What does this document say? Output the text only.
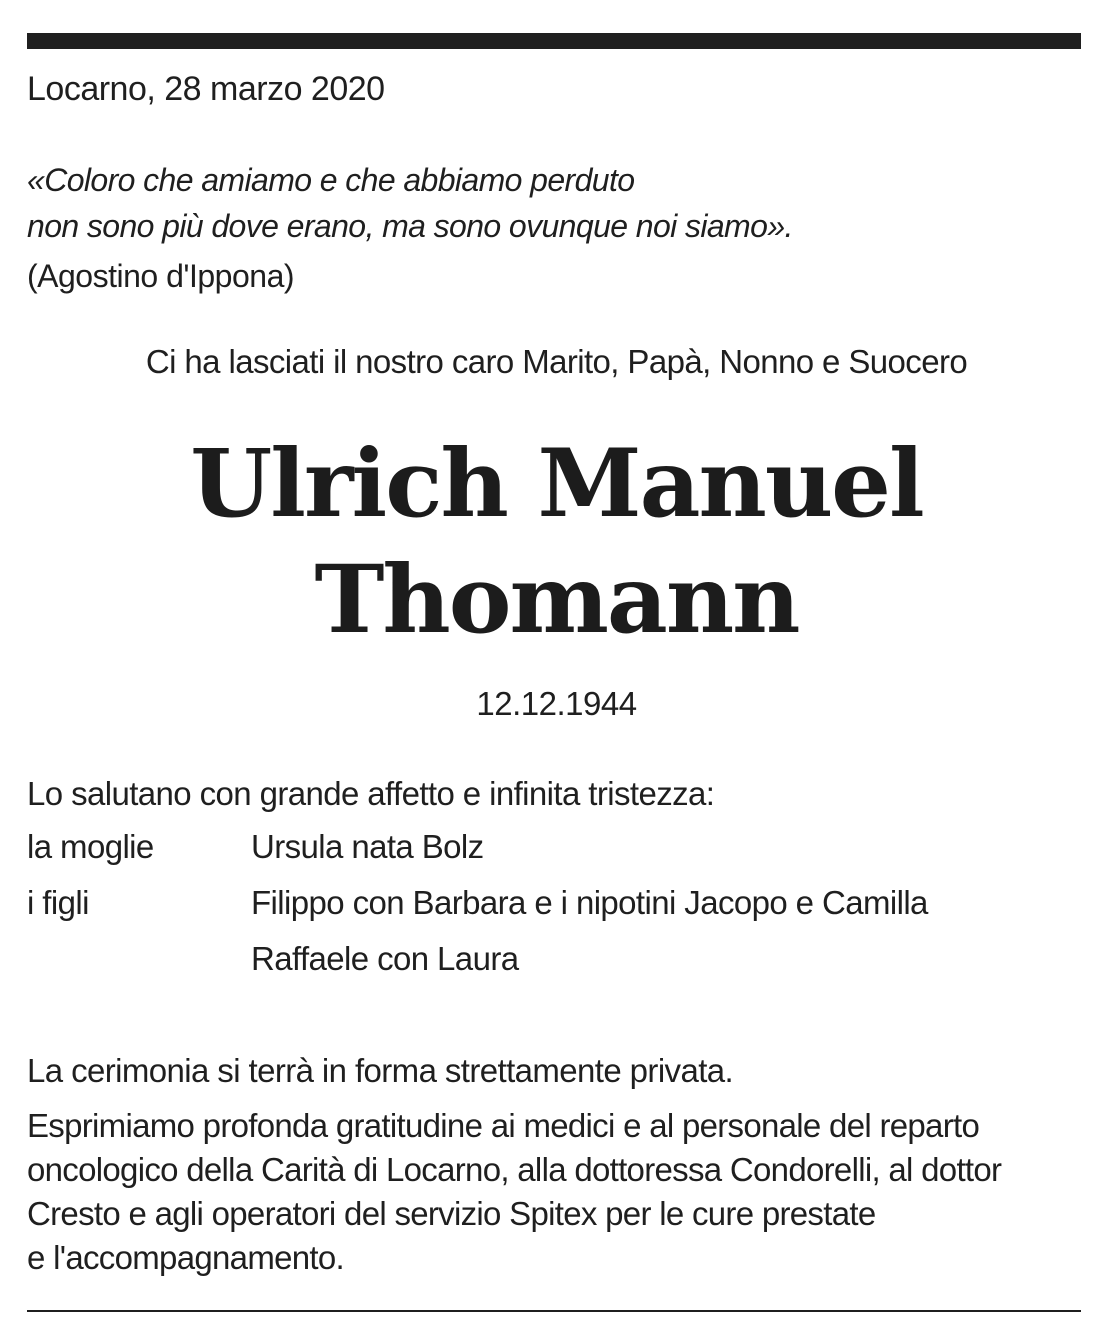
Locarno, 28 marzo 2020
«Coloro che amiamo e che abbiamo perduto
non sono più dove erano, ma sono ovunque noi siamo».
(Agostino d'Ippona)
Ci ha lasciati il nostro caro Marito, Papà, Nonno e Suocero
Ulrich Manuel
Thomann
12.12.1944
Lo salutano con grande affetto e infinita tristezza:
la moglie	Ursula nata Bolz
i figli	Filippo con Barbara e i nipotini Jacopo e Camilla
Raffaele con Laura
La cerimonia si terrà in forma strettamente privata.
Esprimiamo profonda gratitudine ai medici e al personale del reparto
oncologico della Carità di Locarno, alla dottoressa Condorelli, al dottor
Cresto e agli operatori del servizio Spitex per le cure prestate
e l'accompagnamento.
